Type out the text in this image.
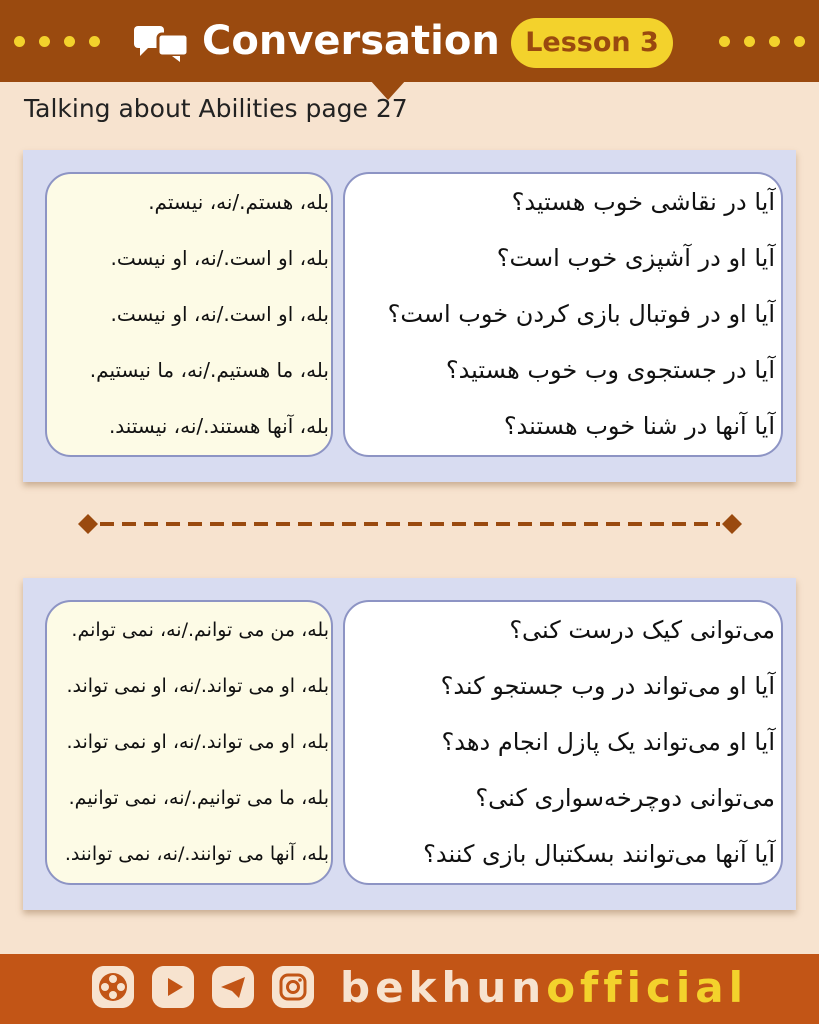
Conversation Lesson 3
Talking about Abilities page 27
بله، هستم./نه، نیستم.
بله، او است./نه، او نیست.
بله، او است./نه، او نیست.
بله، ما هستیم./نه، ما نیستیم.
بله، آنها هستند./نه، نیستند.
آیا در نقاشی خوب هستید؟
آیا او در آشپزی خوب است؟
آیا او در فوتبال بازی کردن خوب است؟
آیا در جستجوی وب خوب هستید؟
آیا آنها در شنا خوب هستند؟
بله، من می توانم./نه، نمی توانم.
بله، او می تواند./نه، او نمی تواند.
بله، او می تواند./نه، او نمی تواند.
بله، ما می توانیم./نه، نمی توانیم.
بله، آنها می توانند./نه، نمی توانند.
می‌توانی کیک درست کنی؟
آیا او می‌تواند در وب جستجو کند؟
آیا او می‌تواند یک پازل انجام دهد؟
می‌توانی دوچرخه‌سواری کنی؟
آیا آنها می‌توانند بسکتبال بازی کنند؟
bekhunofficial
